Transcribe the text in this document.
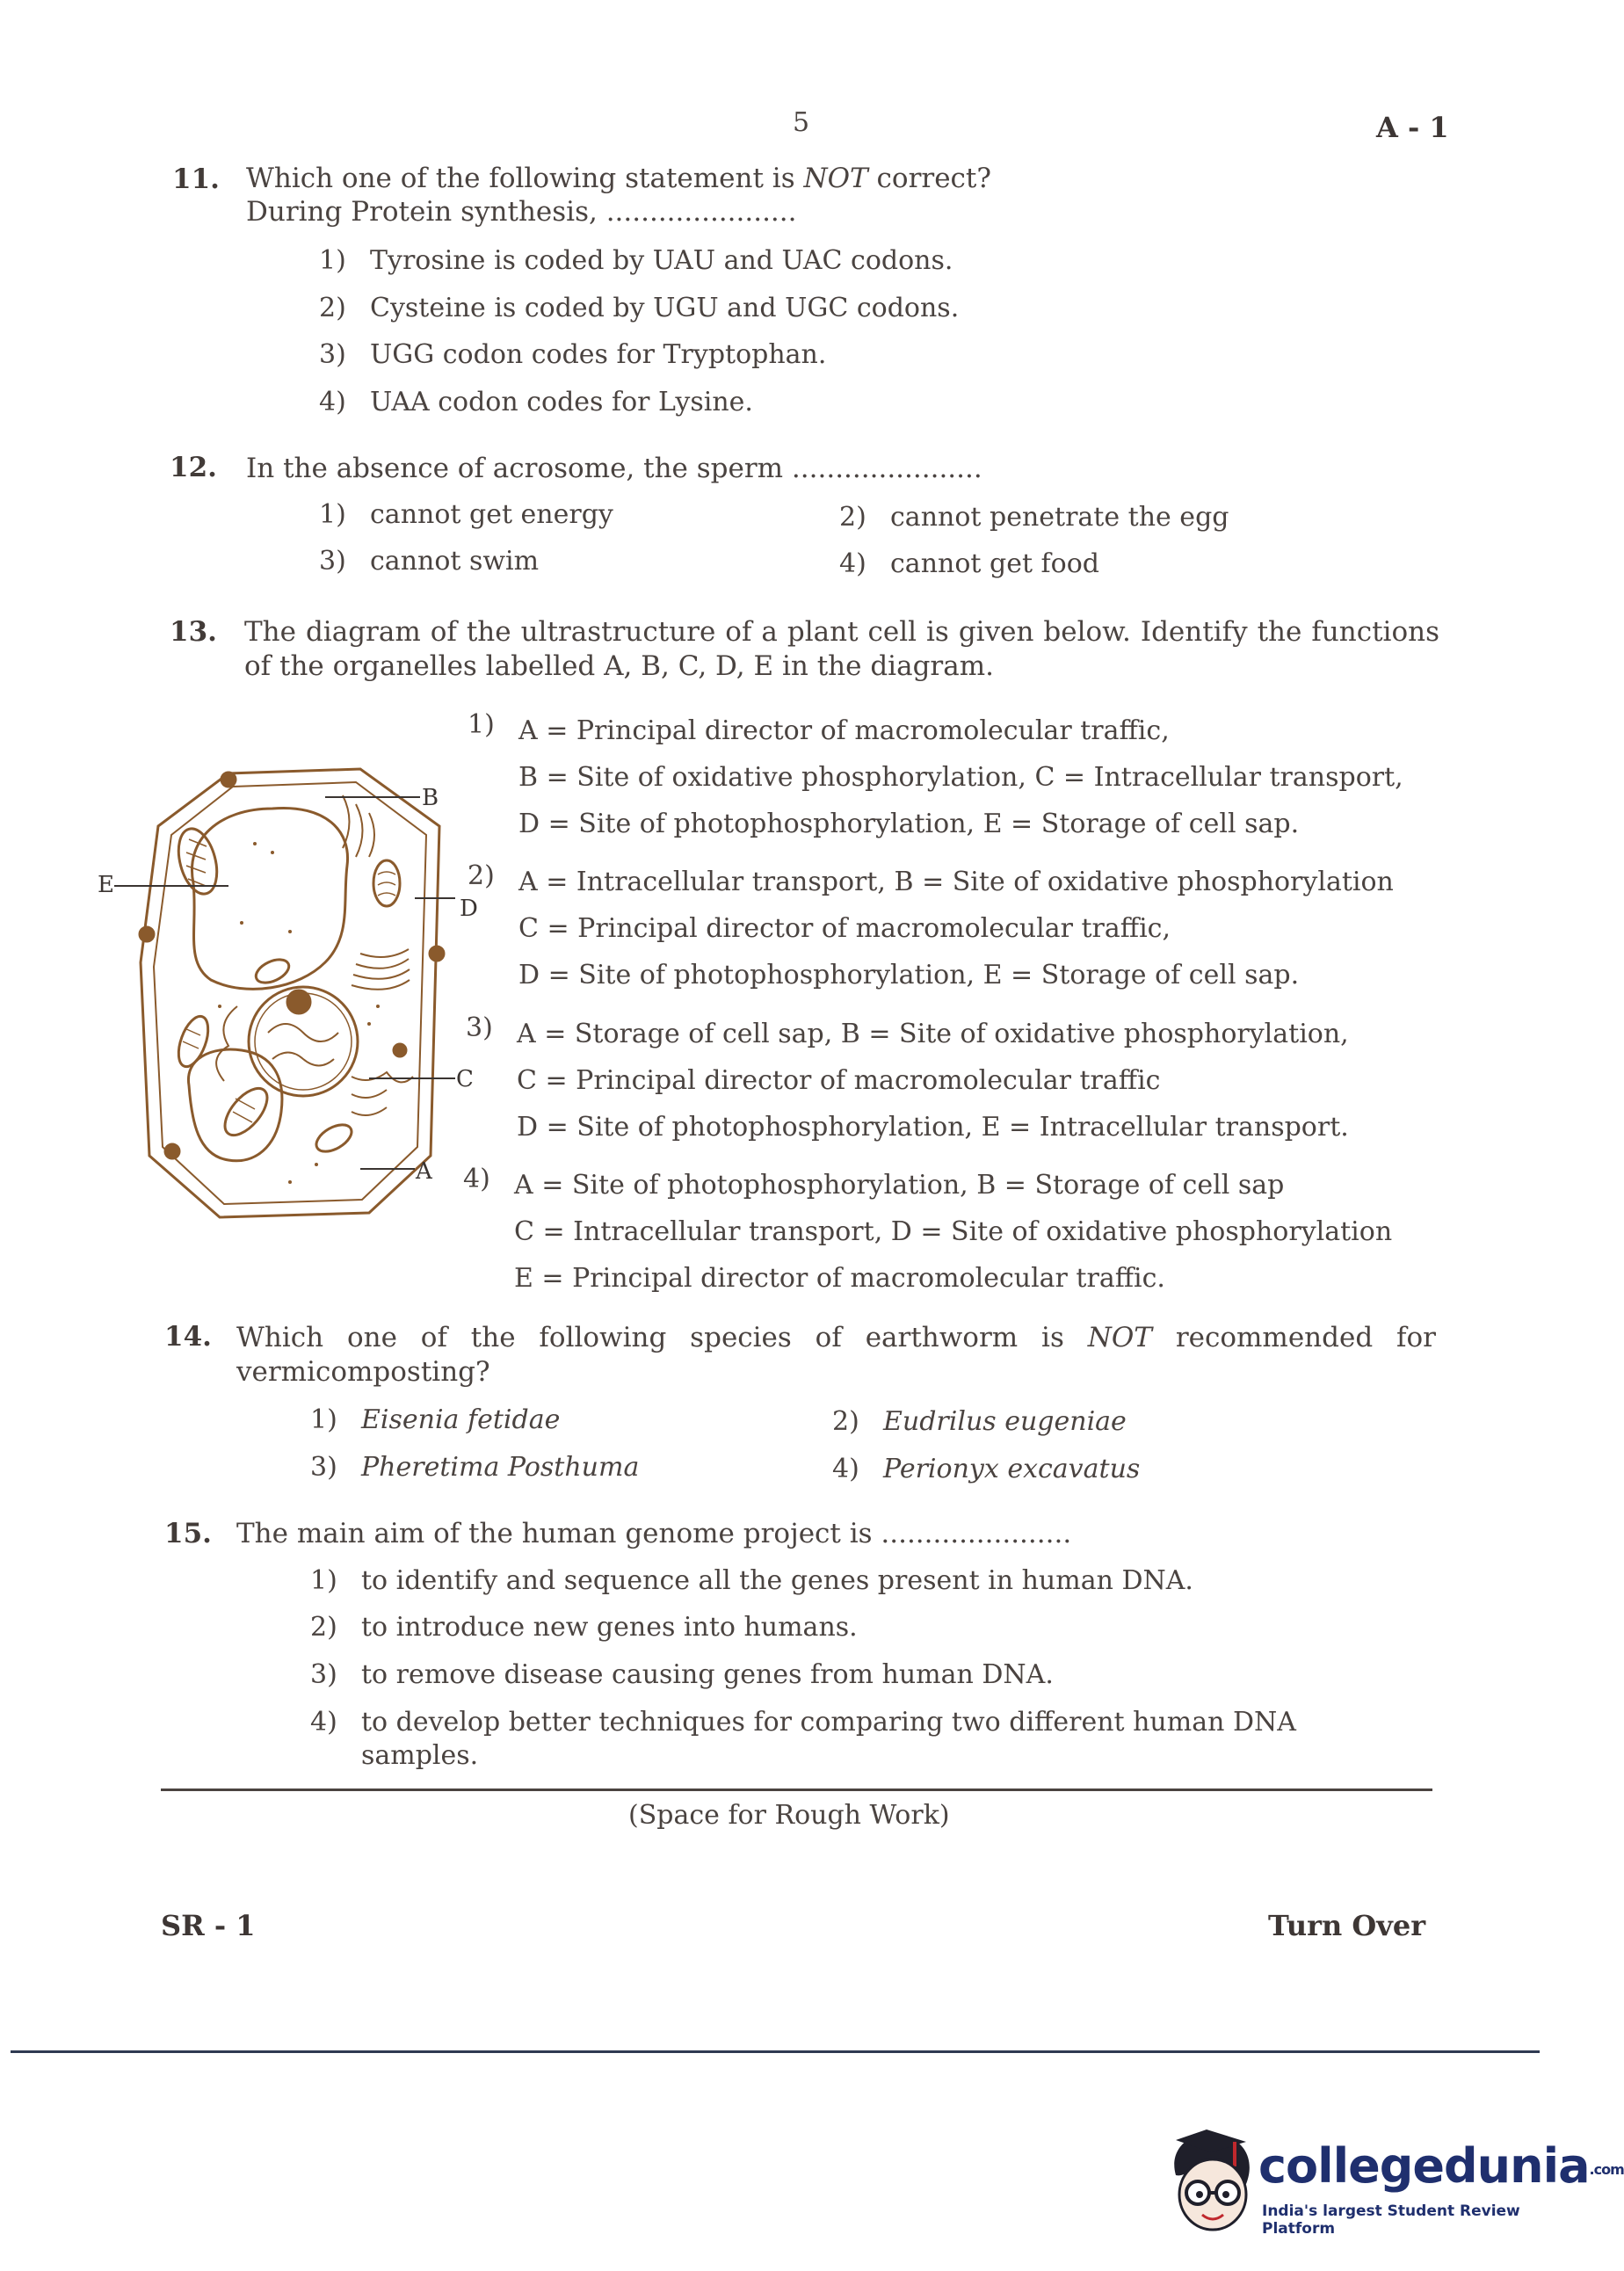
5	A - 1
11. Which one of the following statement is NOT correct?
During Protein synthesis, ......................
1) Tyrosine is coded by UAU and UAC codons.
2) Cysteine is coded by UGU and UGC codons.
3) UGG codon codes for Tryptophan.
4) UAA codon codes for Lysine.
12. In the absence of acrosome, the sperm ......................
1) cannot get energy	2) cannot penetrate the egg
3) cannot swim	4) cannot get food
13. The diagram of the ultrastructure of a plant cell is given below. Identify the functions
of the organelles labelled A, B, C, D, E in the diagram.
1) A = Principal director of macromolecular traffic,
B = Site of oxidative phosphorylation, C = Intracellular transport,
D = Site of photophosphorylation, E = Storage of cell sap.
2) A = Intracellular transport, B = Site of oxidative phosphorylation
C = Principal director of macromolecular traffic,
D = Site of photophosphorylation, E = Storage of cell sap.
3) A = Storage of cell sap, B = Site of oxidative phosphorylation,
C = Principal director of macromolecular traffic
D = Site of photophosphorylation, E = Intracellular transport.
4) A = Site of photophosphorylation, B = Storage of cell sap
C = Intracellular transport, D = Site of oxidative phosphorylation
E = Principal director of macromolecular traffic.
B
E
D
C
A
14. Which one of the following species of earthworm is NOT recommended for
vermicomposting?
1) Eisenia fetidae	2) Eudrilus eugeniae
3) Pheretima Posthuma	4) Perionyx excavatus
15. The main aim of the human genome project is ......................
1) to identify and sequence all the genes present in human DNA.
2) to introduce new genes into humans.
3) to remove disease causing genes from human DNA.
4) to develop better techniques for comparing two different human DNA
samples.
(Space for Rough Work)
SR - 1	Turn Over
collegedunia.com
India's largest Student Review Platform
